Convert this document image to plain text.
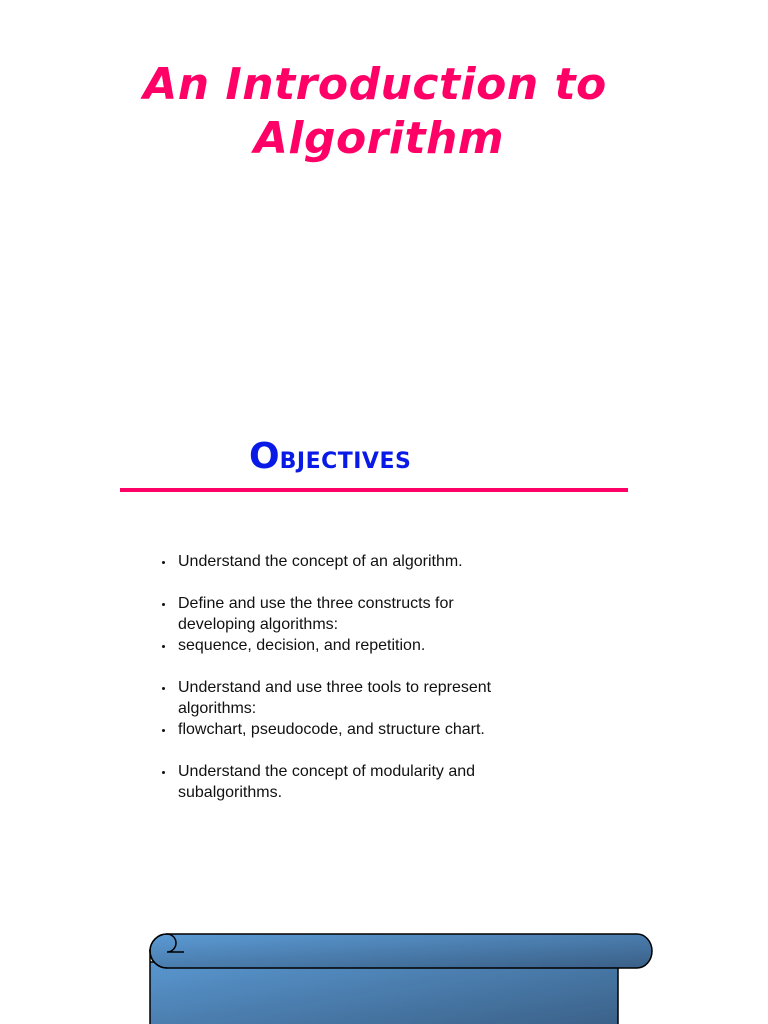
An Introduction to
Algorithm
OBJECTIVES
Understand the concept of an algorithm.
Define and use the three constructs for
developing algorithms:
sequence, decision, and repetition.
Understand and use three tools to represent
algorithms:
flowchart, pseudocode, and structure chart.
Understand the concept of modularity and
subalgorithms.
